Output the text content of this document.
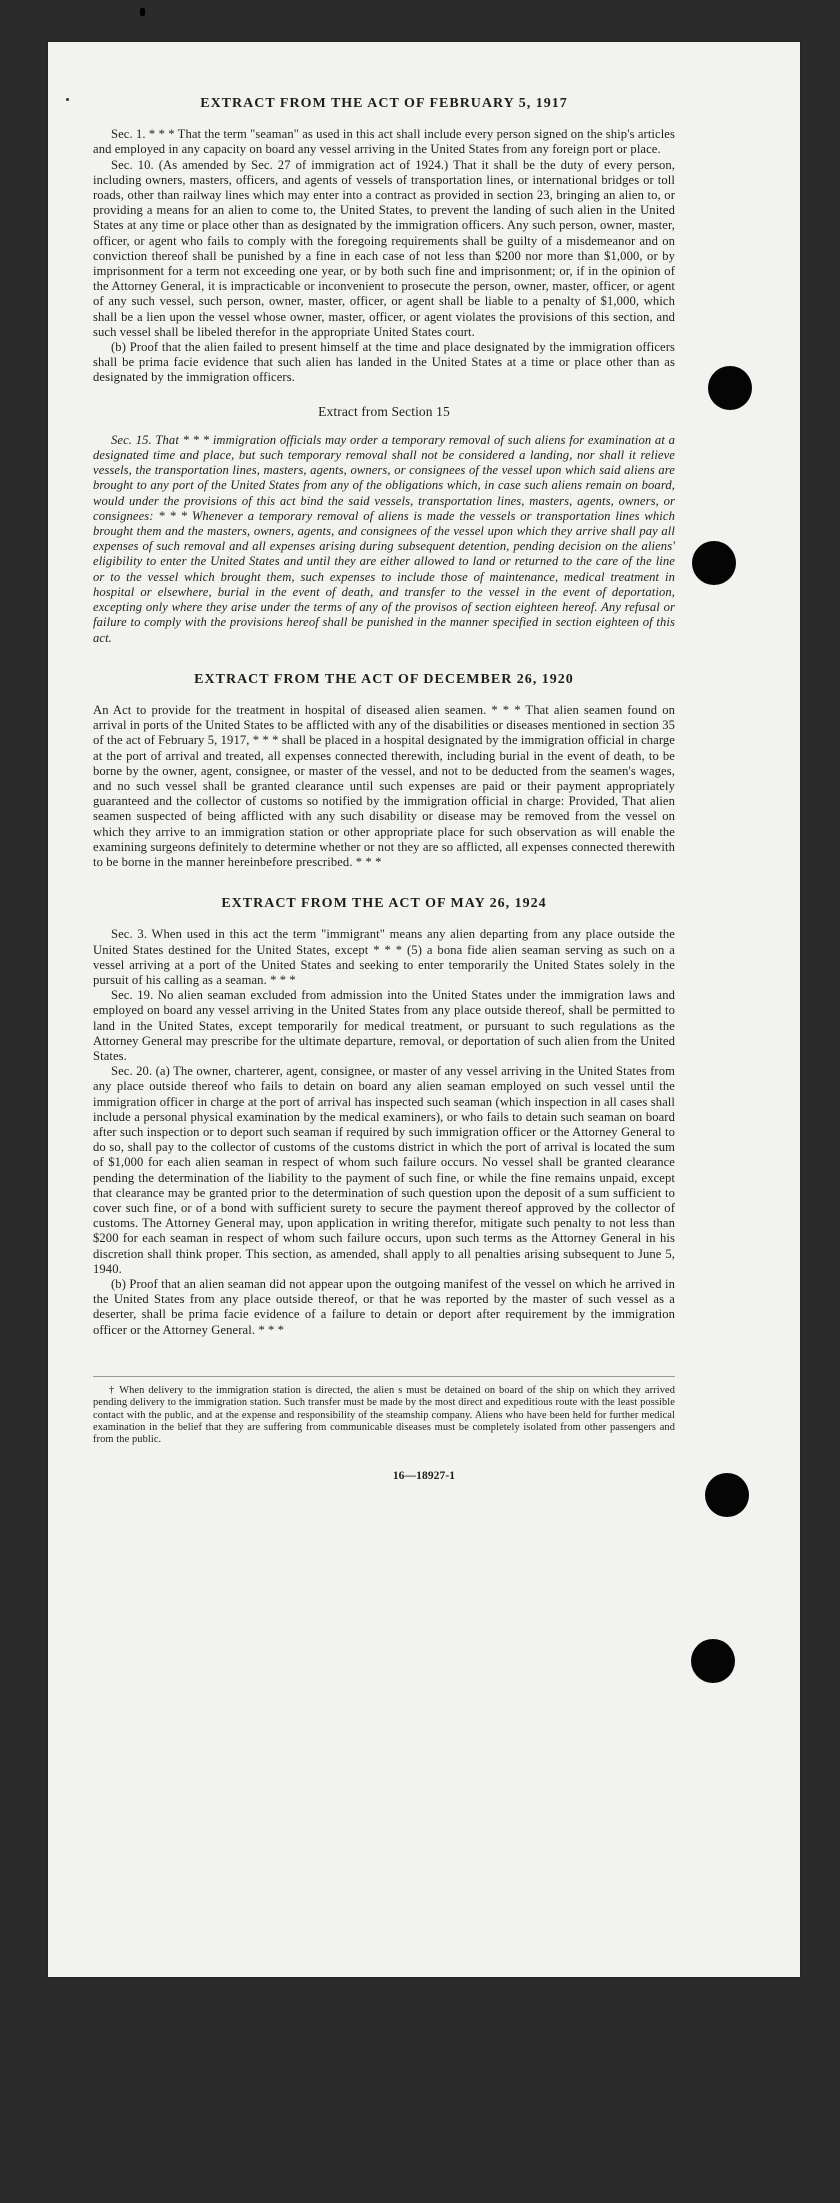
EXTRACT FROM THE ACT OF FEBRUARY 5, 1917

Sec. 1. * * * That the term "seaman" as used in this act shall include every person signed on the ship's articles and employed in any capacity on board any vessel arriving in the United States from any foreign port or place.

Sec. 10. (As amended by Sec. 27 of immigration act of 1924.) That it shall be the duty of every person, including owners, masters, officers, and agents of vessels of transportation lines, or international bridges or toll roads, other than railway lines which may enter into a contract as provided in section 23, bringing an alien to, or providing a means for an alien to come to, the United States, to prevent the landing of such alien in the United States at any time or place other than as designated by the immigration officers. Any such person, owner, master, officer, or agent who fails to comply with the foregoing requirements shall be guilty of a misdemeanor and on conviction thereof shall be punished by a fine in each case of not less than $200 nor more than $1,000, or by imprisonment for a term not exceeding one year, or by both such fine and imprisonment; or, if in the opinion of the Attorney General, it is impracticable or inconvenient to prosecute the person, owner, master, officer, or agent of any such vessel, such person, owner, master, officer, or agent shall be liable to a penalty of $1,000, which shall be a lien upon the vessel whose owner, master, officer, or agent violates the provisions of this section, and such vessel shall be libeled therefor in the appropriate United States court.

(b) Proof that the alien failed to present himself at the time and place designated by the immigration officers shall be prima facie evidence that such alien has landed in the United States at a time or place other than as designated by the immigration officers.

Extract from Section 15

Sec. 15. That * * * immigration officials may order a temporary removal of such aliens for examination at a designated time and place, but such temporary removal shall not be considered a landing, nor shall it relieve vessels, the transportation lines, masters, agents, owners, or consignees of the vessel upon which said aliens are brought to any port of the United States from any of the obligations which, in case such aliens remain on board, would under the provisions of this act bind the said vessels, transportation lines, masters, agents, owners, or consignees: * * * Whenever a temporary removal of aliens is made the vessels or transportation lines which brought them and the masters, owners, agents, and consignees of the vessel upon which they arrive shall pay all expenses of such removal and all expenses arising during subsequent detention, pending decision on the aliens' eligibility to enter the United States and until they are either allowed to land or returned to the care of the line or to the vessel which brought them, such expenses to include those of maintenance, medical treatment in hospital or elsewhere, burial in the event of death, and transfer to the vessel in the event of deportation, excepting only where they arise under the terms of any of the provisos of section eighteen hereof. Any refusal or failure to comply with the provisions hereof shall be punished in the manner specified in section eighteen of this act.

EXTRACT FROM THE ACT OF DECEMBER 26, 1920

An Act to provide for the treatment in hospital of diseased alien seamen. * * * That alien seamen found on arrival in ports of the United States to be afflicted with any of the disabilities or diseases mentioned in section 35 of the act of February 5, 1917, * * * shall be placed in a hospital designated by the immigration official in charge at the port of arrival and treated, all expenses connected therewith, including burial in the event of death, to be borne by the owner, agent, consignee, or master of the vessel, and not to be deducted from the seamen's wages, and no such vessel shall be granted clearance until such expenses are paid or their payment appropriately guaranteed and the collector of customs so notified by the immigration official in charge: Provided, That alien seamen suspected of being afflicted with any such disability or disease may be removed from the vessel on which they arrive to an immigration station or other appropriate place for such observation as will enable the examining surgeons definitely to determine whether or not they are so afflicted, all expenses connected therewith to be borne in the manner hereinbefore prescribed. * * *

EXTRACT FROM THE ACT OF MAY 26, 1924

Sec. 3. When used in this act the term "immigrant" means any alien departing from any place outside the United States destined for the United States, except * * * (5) a bona fide alien seaman serving as such on a vessel arriving at a port of the United States and seeking to enter temporarily the United States solely in the pursuit of his calling as a seaman. * * *

Sec. 19. No alien seaman excluded from admission into the United States under the immigration laws and employed on board any vessel arriving in the United States from any place outside thereof, shall be permitted to land in the United States, except temporarily for medical treatment, or pursuant to such regulations as the Attorney General may prescribe for the ultimate departure, removal, or deportation of such alien from the United States.

Sec. 20. (a) The owner, charterer, agent, consignee, or master of any vessel arriving in the United States from any place outside thereof who fails to detain on board any alien seaman employed on such vessel until the immigration officer in charge at the port of arrival has inspected such seaman (which inspection in all cases shall include a personal physical examination by the medical examiners), or who fails to detain such seaman on board after such inspection or to deport such seaman if required by such immigration officer or the Attorney General to do so, shall pay to the collector of customs of the customs district in which the port of arrival is located the sum of $1,000 for each alien seaman in respect of whom such failure occurs. No vessel shall be granted clearance pending the determination of the liability to the payment of such fine, or while the fine remains unpaid, except that clearance may be granted prior to the determination of such question upon the deposit of a sum sufficient to cover such fine, or of a bond with sufficient surety to secure the payment thereof approved by the collector of customs. The Attorney General may, upon application in writing therefor, mitigate such penalty to not less than $200 for each seaman in respect of whom such failure occurs, upon such terms as the Attorney General in his discretion shall think proper. This section, as amended, shall apply to all penalties arising subsequent to June 5, 1940.

(b) Proof that an alien seaman did not appear upon the outgoing manifest of the vessel on which he arrived in the United States from any place outside thereof, or that he was reported by the master of such vessel as a deserter, shall be prima facie evidence of a failure to detain or deport after requirement by the immigration officer or the Attorney General. * * *

† When delivery to the immigration station is directed, the alien s must be detained on board of the ship on which they arrived pending delivery to the immigration station. Such transfer must be made by the most direct and expeditious route with the least possible contact with the public, and at the expense and responsibility of the steamship company. Aliens who have been held for further medical examination in the belief that they are suffering from communicable diseases must be completely isolated from other passengers and from the public.

16—18927-1
